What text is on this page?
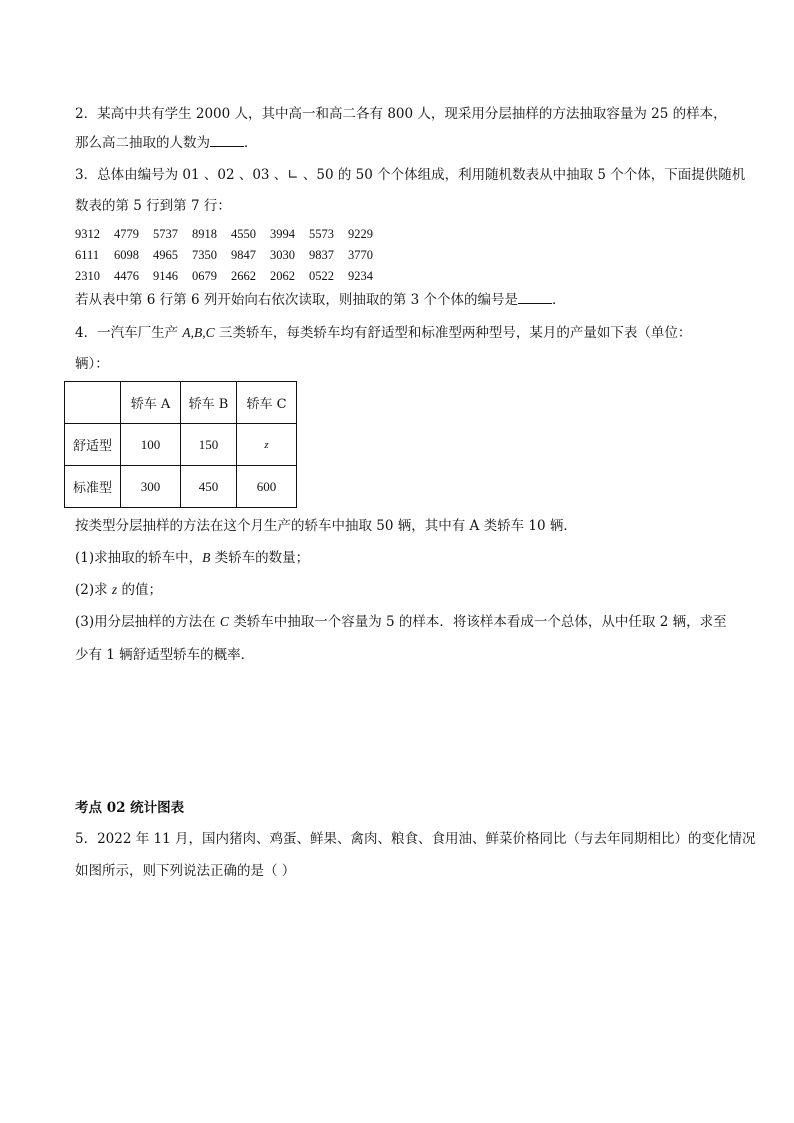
2．某高中共有学生 2000 人，其中高一和高二各有 800 人，现采用分层抽样的方法抽取容量为 25 的样本，
那么高二抽取的人数为	．
3．总体由编号为 01 、02 、03 、∟ 、50 的 50 个个体组成，利用随机数表从中抽取 5 个个体，下面提供随机
数表的第 5 行到第 7 行：
9312	4779	5737	8918	4550	3994	5573	9229
6111	6098	4965	7350	9847	3030	9837	3770
2310	4476	9146	0679	2662	2062	0522	9234
若从表中第 6 行第 6 列开始向右依次读取，则抽取的第 3 个个体的编号是	．
4．一汽车厂生产 A,B,C 三类轿车，每类轿车均有舒适型和标准型两种型号，某月的产量如下表（单位：
辆）：
	轿车 A	轿车 B	轿车 C
舒适型	100	150	z
标准型	300	450	600
按类型分层抽样的方法在这个月生产的轿车中抽取 50 辆，其中有 A 类轿车 10 辆．
(1)求抽取的轿车中，B 类轿车的数量；
(2)求 z 的值；
(3)用分层抽样的方法在 C 类轿车中抽取一个容量为 5 的样本．将该样本看成一个总体，从中任取 2 辆，求至
少有 1 辆舒适型轿车的概率．
考点 02 统计图表
5．2022 年 11 月，国内猪肉、鸡蛋、鲜果、禽肉、粮食、食用油、鲜菜价格同比（与去年同期相比）的变化情况
如图所示，则下列说法正确的是（ ）
